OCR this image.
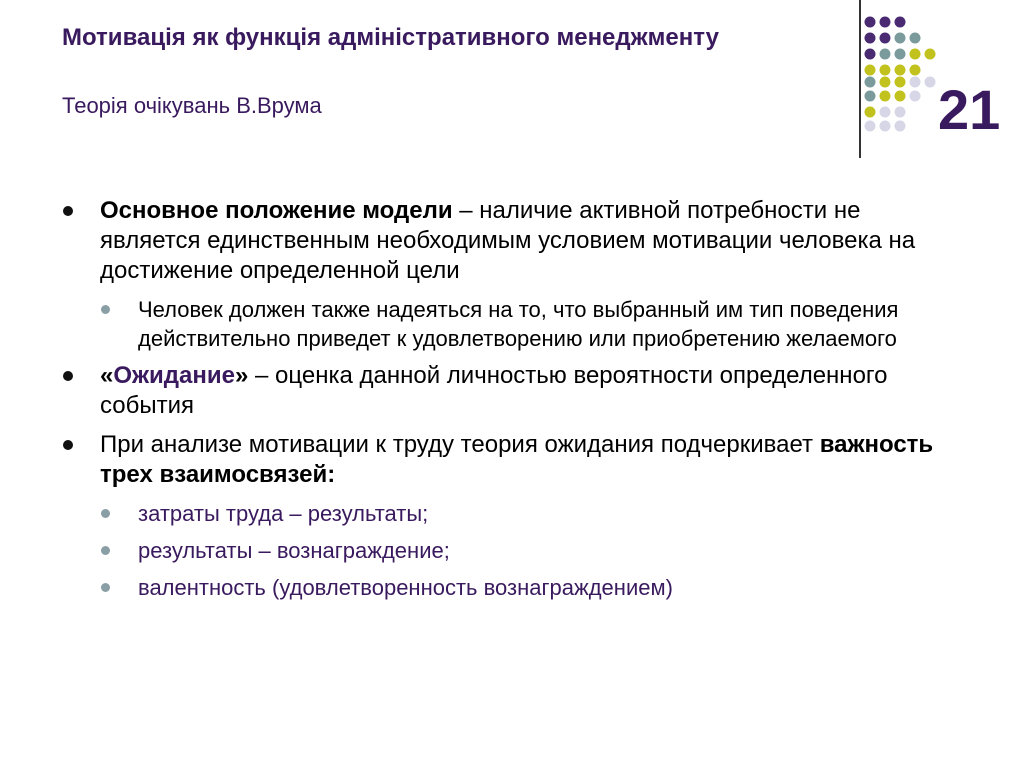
Мотивація як функція адміністративного менеджменту
Теорія очікувань В.Врума	21
Основное положение модели – наличие активной потребности не является единственным необходимым условием мотивации человека на достижение определенной цели
Человек должен также надеяться на то, что выбранный им тип поведения действительно приведет к удовлетворению или приобретению желаемого
«Ожидание» – оценка данной личностью вероятности определенного события
При анализе мотивации к труду теория ожидания подчеркивает важность трех взаимосвязей:
затраты труда – результаты;
результаты – вознаграждение;
валентность (удовлетворенность вознаграждением)
